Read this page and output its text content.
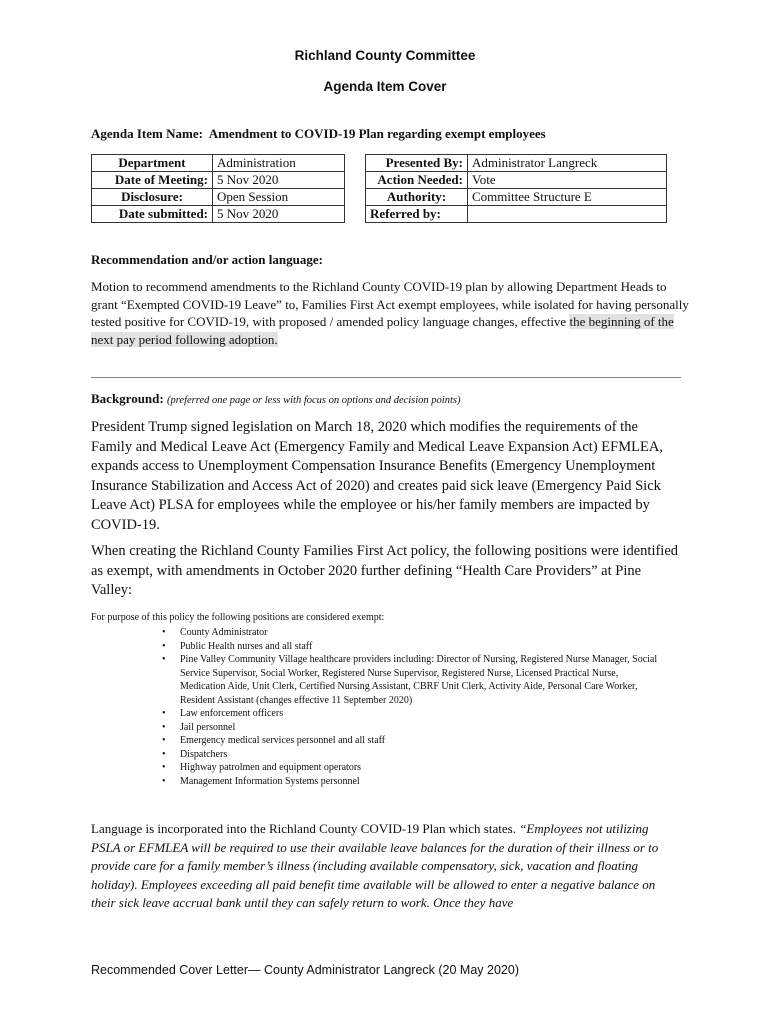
Richland County Committee
Agenda Item Cover
Agenda Item Name: Amendment to COVID-19 Plan regarding exempt employees
Department	Administration
Date of Meeting:	5 Nov 2020
Disclosure:	Open Session
Date submitted:	5 Nov 2020
Presented By:	Administrator Langreck
Action Needed:	Vote
Authority:	Committee Structure E
Referred by:	
Recommendation and/or action language:
Motion to recommend amendments to the Richland County COVID-19 plan by allowing Department Heads to grant “Exempted COVID-19 Leave” to, Families First Act exempt employees, while isolated for having personally tested positive for COVID-19, with proposed / amended policy language changes, effective the beginning of the next pay period following adoption.
Background: (preferred one page or less with focus on options and decision points)
President Trump signed legislation on March 18, 2020 which modifies the requirements of the Family and Medical Leave Act (Emergency Family and Medical Leave Expansion Act) EFMLEA, expands access to Unemployment Compensation Insurance Benefits (Emergency Unemployment Insurance Stabilization and Access Act of 2020) and creates paid sick leave (Emergency Paid Sick Leave Act) PLSA for employees while the employee or his/her family members are impacted by COVID-19.
When creating the Richland County Families First Act policy, the following positions were identified as exempt, with amendments in October 2020 further defining “Health Care Providers” at Pine Valley:
For purpose of this policy the following positions are considered exempt:
• County Administrator
• Public Health nurses and all staff
• Pine Valley Community Village healthcare providers including: Director of Nursing, Registered Nurse Manager, Social Service Supervisor, Social Worker, Registered Nurse Supervisor, Registered Nurse, Licensed Practical Nurse, Medication Aide, Unit Clerk, Certified Nursing Assistant, CBRF Unit Clerk, Activity Aide, Personal Care Worker, Resident Assistant (changes effective 11 September 2020)
• Law enforcement officers
• Jail personnel
• Emergency medical services personnel and all staff
• Dispatchers
• Highway patrolmen and equipment operators
• Management Information Systems personnel
Language is incorporated into the Richland County COVID-19 Plan which states. “Employees not utilizing PSLA or EFMLEA will be required to use their available leave balances for the duration of their illness or to provide care for a family member’s illness (including available compensatory, sick, vacation and floating holiday). Employees exceeding all paid benefit time available will be allowed to enter a negative balance on their sick leave accrual bank until they can safely return to work. Once they have
Recommended Cover Letter— County Administrator Langreck (20 May 2020)
